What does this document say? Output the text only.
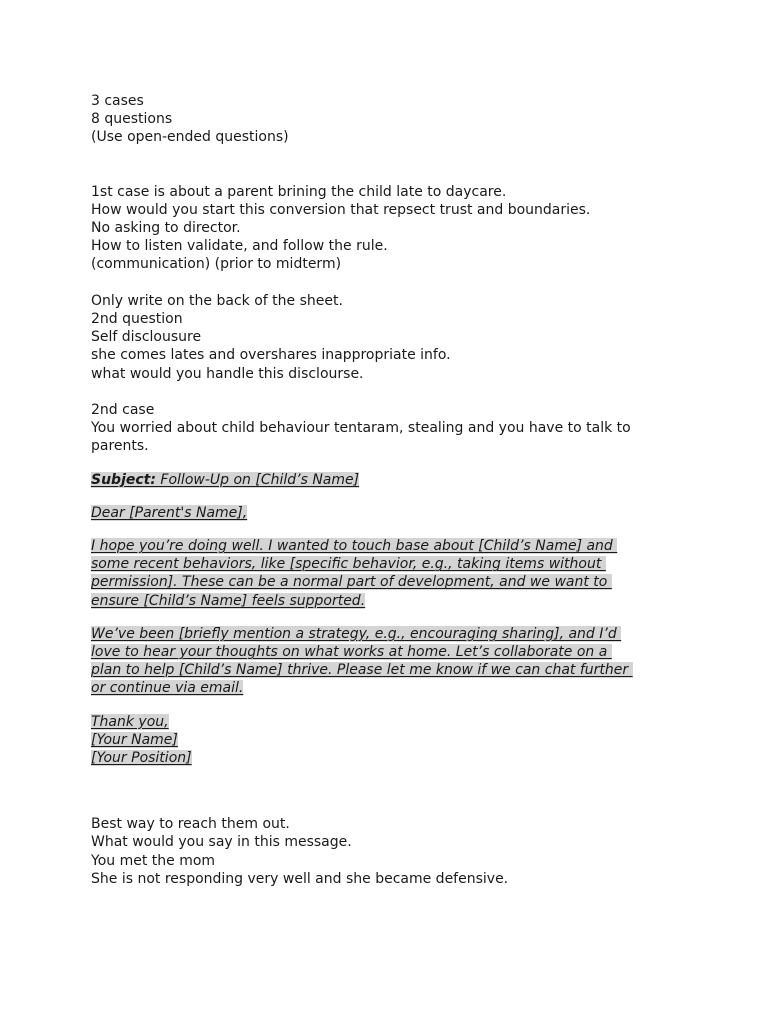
3 cases
8 questions
(Use open-ended questions)
1st case is about a parent brining the child late to daycare.
How would you start this conversion that repsect trust and boundaries.
No asking to director.
How to listen validate, and follow the rule.
(communication) (prior to midterm)
Only write on the back of the sheet.
2nd question
Self disclousure
she comes lates and overshares inappropriate info.
what would you handle this disclourse.
2nd case
You worried about child behaviour tentaram, stealing and you have to talk to
parents.
Subject: Follow-Up on [Child’s Name]
Dear [Parent's Name],
I hope you’re doing well. I wanted to touch base about [Child’s Name] and
some recent behaviors, like [specific behavior, e.g., taking items without
permission]. These can be a normal part of development, and we want to
ensure [Child’s Name] feels supported.
We’ve been [briefly mention a strategy, e.g., encouraging sharing], and I’d
love to hear your thoughts on what works at home. Let’s collaborate on a
plan to help [Child’s Name] thrive. Please let me know if we can chat further
or continue via email.
Thank you,
[Your Name]
[Your Position]
Best way to reach them out.
What would you say in this message.
You met the mom
She is not responding very well and she became defensive.
